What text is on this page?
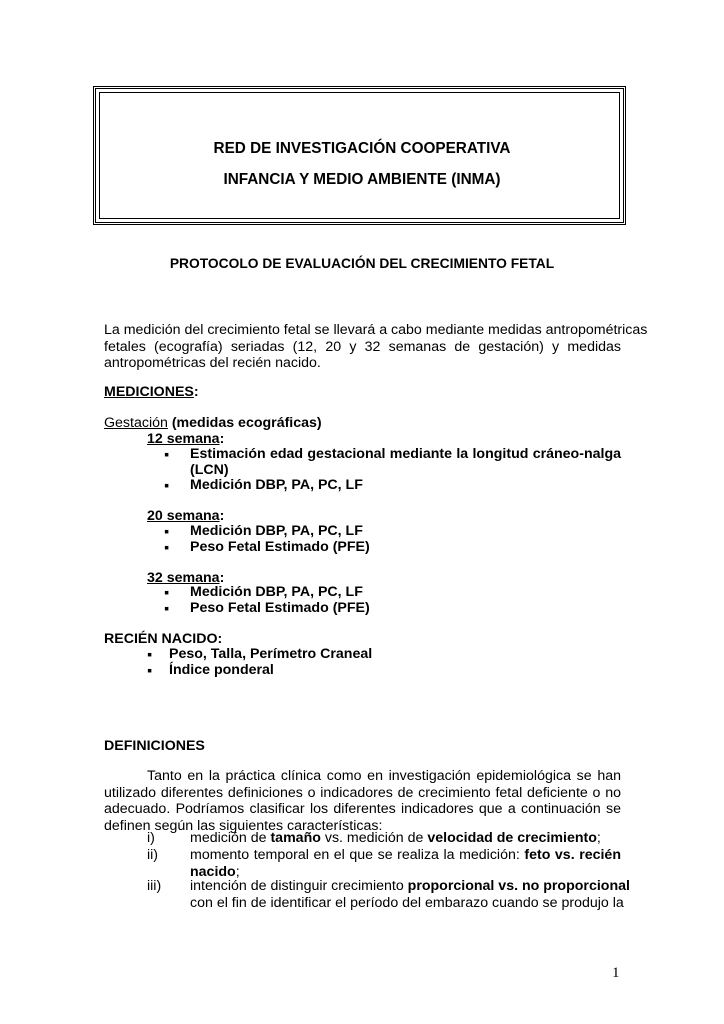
RED DE INVESTIGACIÓN COOPERATIVA
INFANCIA Y MEDIO AMBIENTE (INMA)
PROTOCOLO DE EVALUACIÓN DEL CRECIMIENTO FETAL
La medición del crecimiento fetal se llevará a cabo mediante medidas antropométricas
fetales (ecografía) seriadas (12, 20 y 32 semanas de gestación) y medidas
antropométricas del recién nacido.
MEDICIONES:
Gestación (medidas ecográficas)
12 semana:
▪ Estimación edad gestacional mediante la longitud cráneo-nalga
(LCN)
▪ Medición DBP, PA, PC, LF
20 semana:
▪ Medición DBP, PA, PC, LF
▪ Peso Fetal Estimado (PFE)
32 semana:
▪ Medición DBP, PA, PC, LF
▪ Peso Fetal Estimado (PFE)
RECIÉN NACIDO:
▪ Peso, Talla, Perímetro Craneal
▪ Índice ponderal
DEFINICIONES
Tanto en la práctica clínica como en investigación epidemiológica se han
utilizado diferentes definiciones o indicadores de crecimiento fetal deficiente o no
adecuado. Podríamos clasificar los diferentes indicadores que a continuación se
definen según las siguientes características:
i) medición de tamaño vs. medición de velocidad de crecimiento;
ii) momento temporal en el que se realiza la medición: feto vs. recién
nacido;
iii) intención de distinguir crecimiento proporcional vs. no proporcional
con el fin de identificar el período del embarazo cuando se produjo la
1
